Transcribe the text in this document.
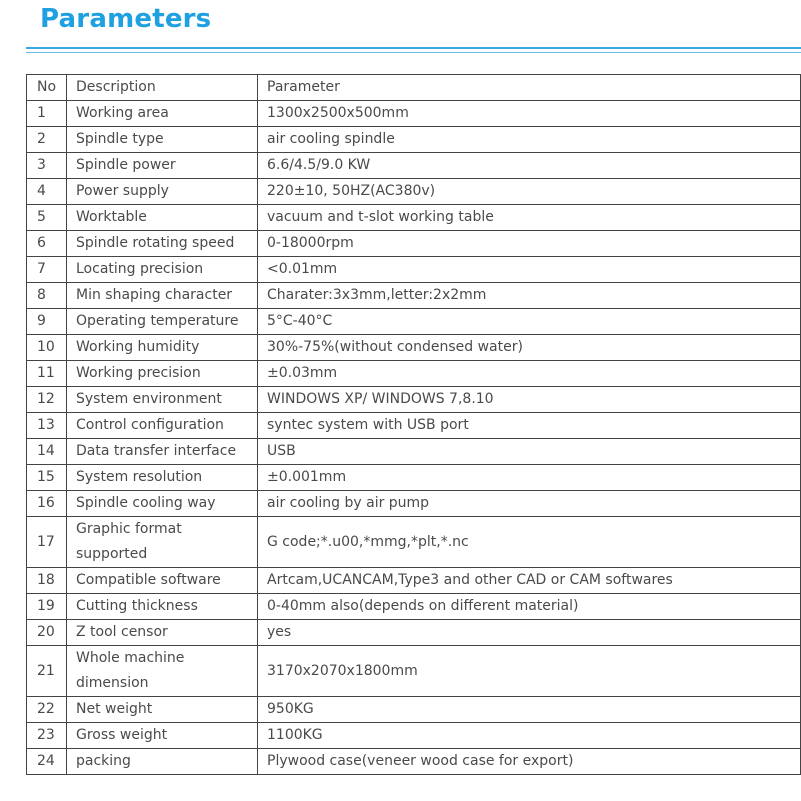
Parameters
No	Description	Parameter
1	Working area	1300x2500x500mm
2	Spindle type	air cooling spindle
3	Spindle power	6.6/4.5/9.0 KW
4	Power supply	220±10, 50HZ(AC380v)
5	Worktable	vacuum and t-slot working table
6	Spindle rotating speed	0-18000rpm
7	Locating precision	<0.01mm
8	Min shaping character	Charater:3x3mm,letter:2x2mm
9	Operating temperature	5°C-40°C
10	Working humidity	30%-75%(without condensed water)
11	Working precision	±0.03mm
12	System environment	WINDOWS XP/ WINDOWS 7,8.10
13	Control configuration	syntec system with USB port
14	Data transfer interface	USB
15	System resolution	±0.001mm
16	Spindle cooling way	air cooling by air pump
17	Graphic format supported	G code;*.u00,*mmg,*plt,*.nc
18	Compatible software	Artcam,UCANCAM,Type3 and other CAD or CAM softwares
19	Cutting thickness	0-40mm also(depends on different material)
20	Z tool censor	yes
21	Whole machine dimension	3170x2070x1800mm
22	Net weight	950KG
23	Gross weight	1100KG
24	packing	Plywood case(veneer wood case for export)
